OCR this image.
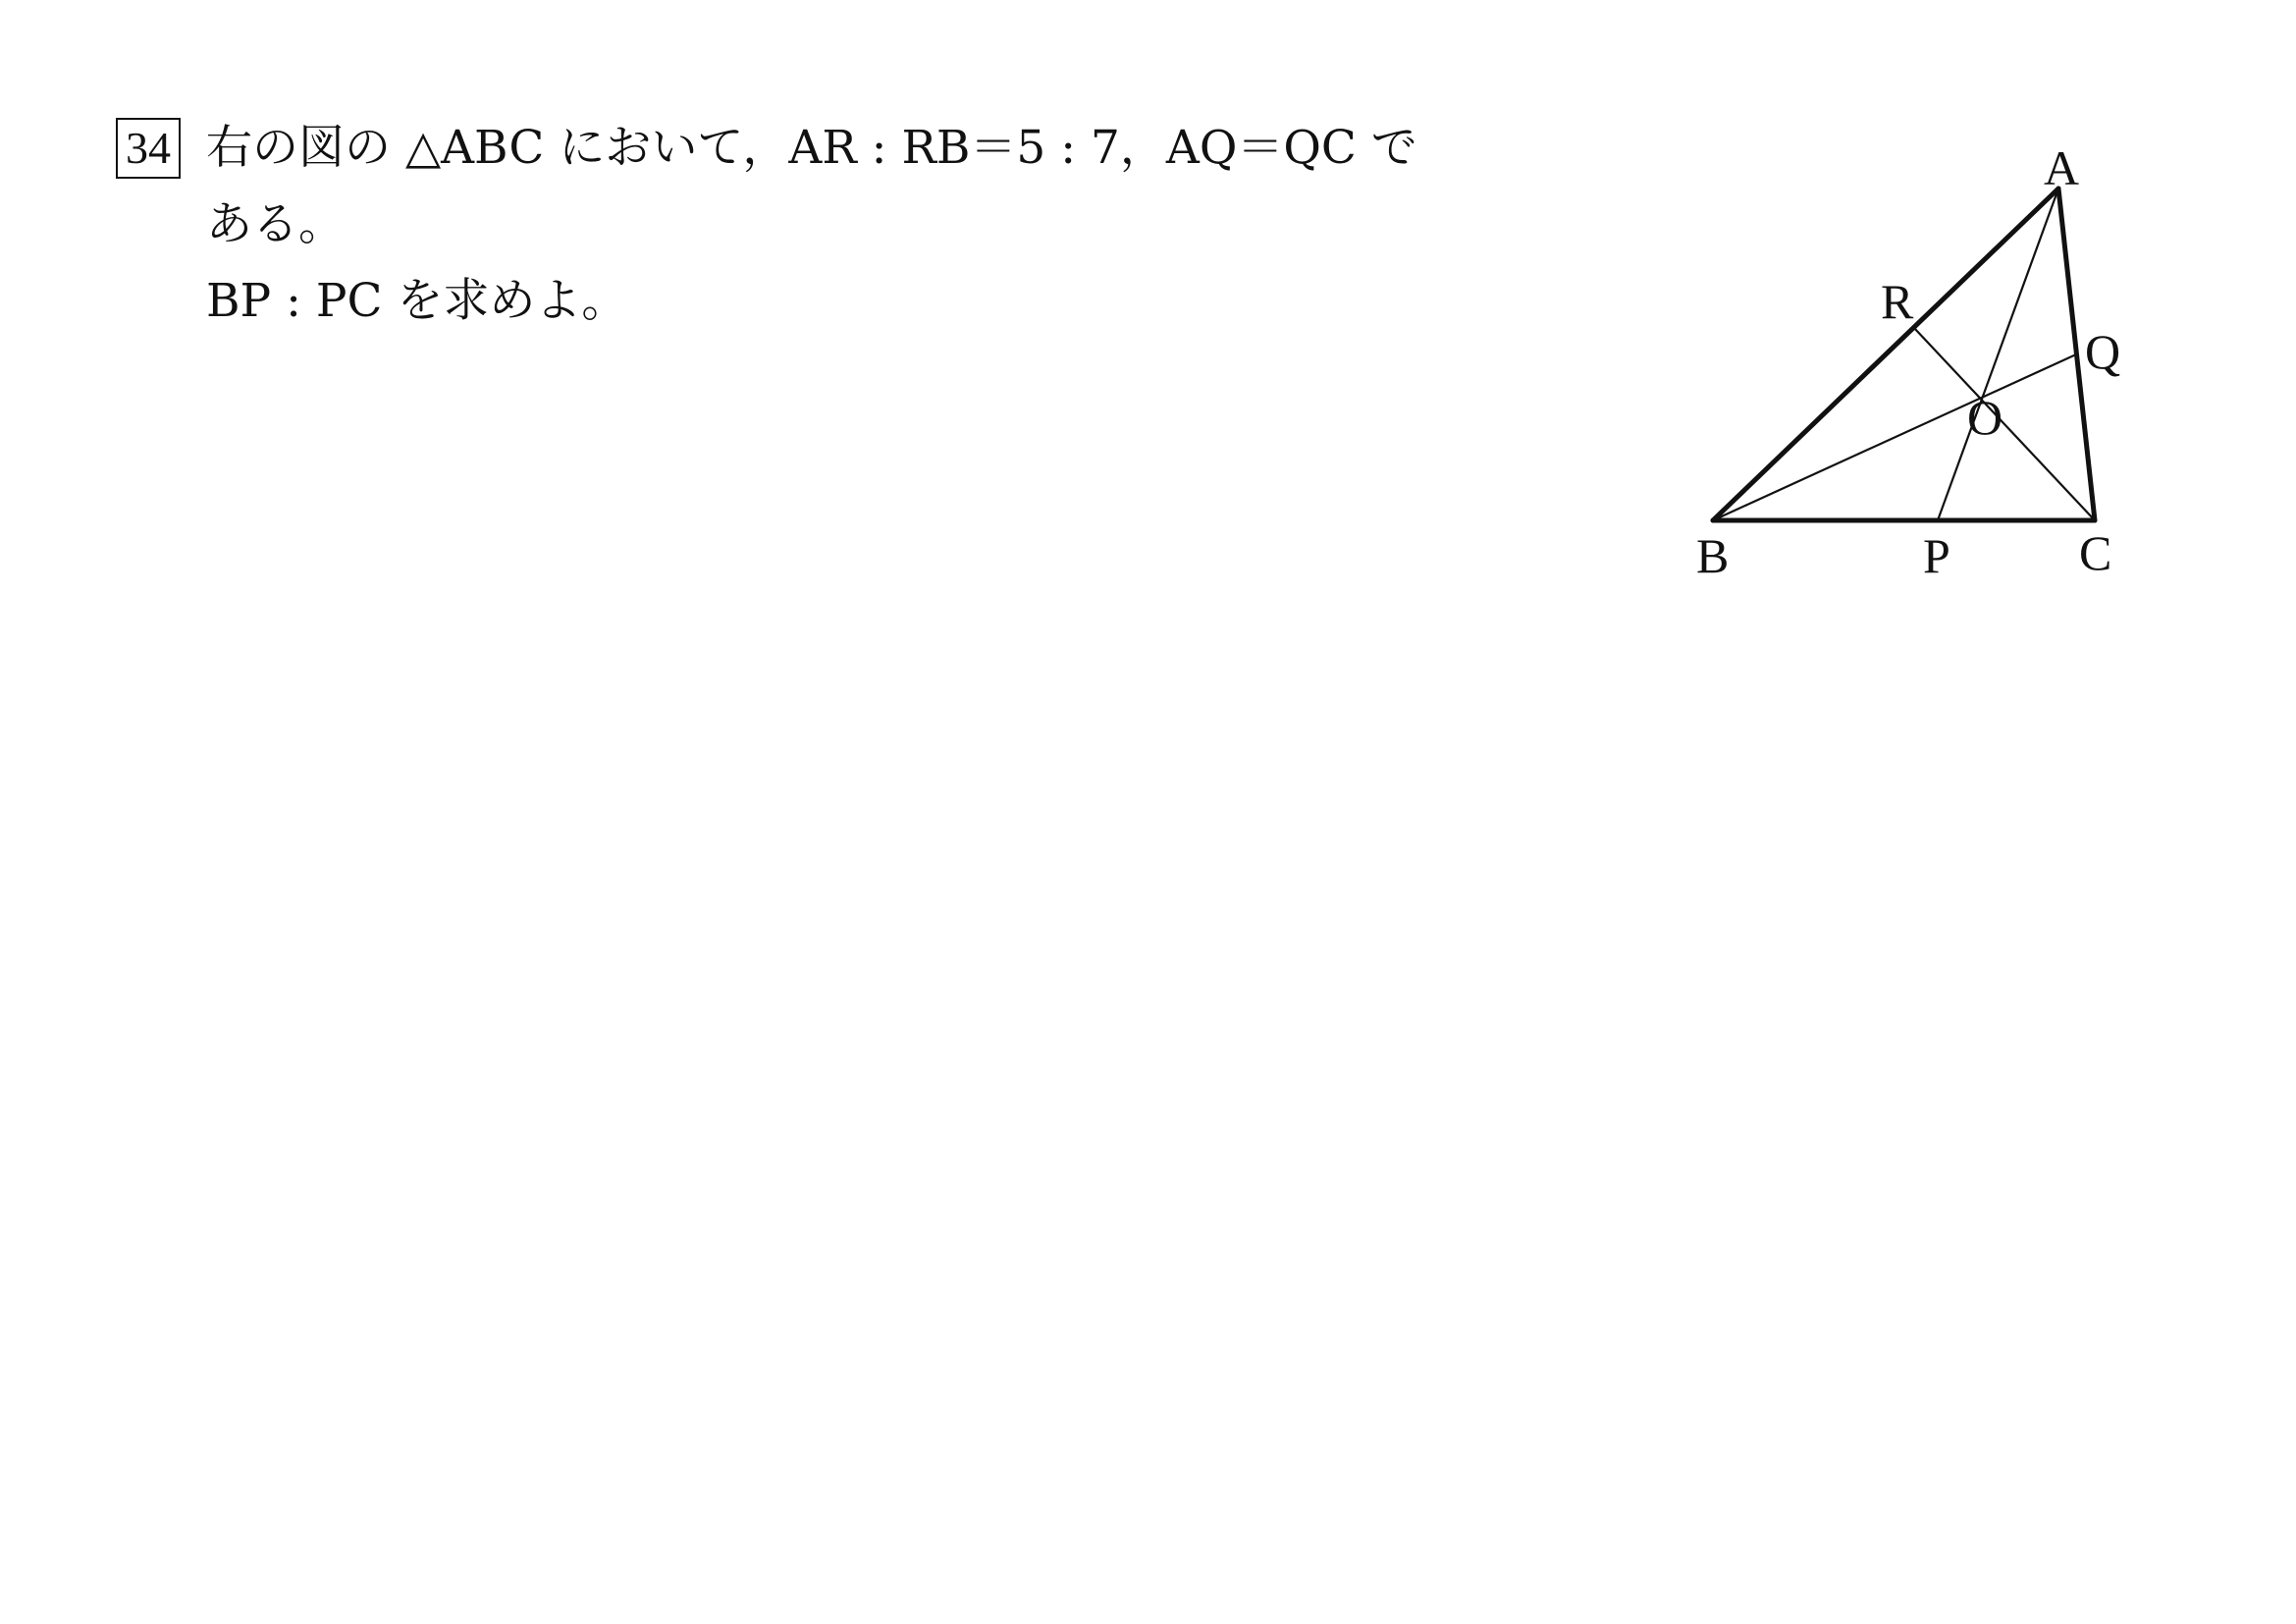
34 右の図の △ABC において，AR : RB＝5 : 7，AQ＝QC で

ある。

BP : PC を求めよ。

A
R
Q
O
B	P	C
